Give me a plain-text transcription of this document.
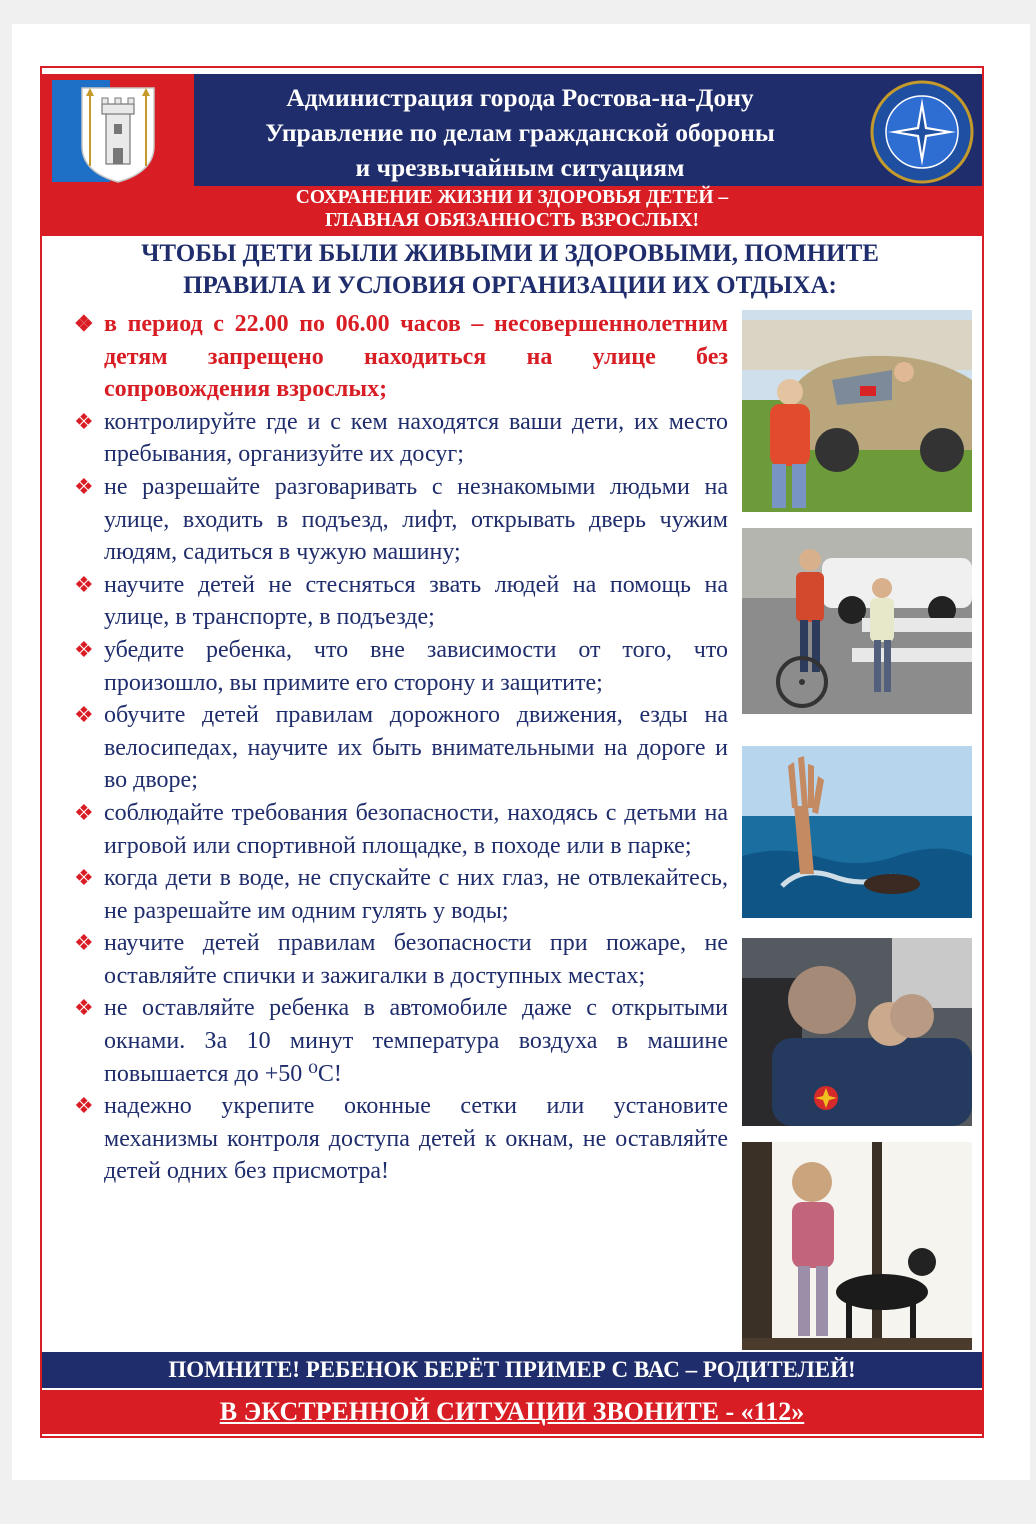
Администрация города Ростова-на-Дону
Управление по делам гражданской обороны
и чрезвычайным ситуациям
СОХРАНЕНИЕ ЖИЗНИ И ЗДОРОВЬЯ ДЕТЕЙ –
ГЛАВНАЯ ОБЯЗАННОСТЬ ВЗРОСЛЫХ!
ЧТОБЫ ДЕТИ БЫЛИ ЖИВЫМИ И ЗДОРОВЫМИ, ПОМНИТЕ
ПРАВИЛА И УСЛОВИЯ ОРГАНИЗАЦИИ ИХ ОТДЫХА:
❖ в период с 22.00 по 06.00 часов – несовершеннолетним детям запрещено находиться на улице без сопровождения взрослых;
❖ контролируйте где и с кем находятся ваши дети, их место пребывания, организуйте их досуг;
❖ не разрешайте разговаривать с незнакомыми людьми на улице, входить в подъезд, лифт, открывать дверь чужим людям, садиться в чужую машину;
❖ научите детей не стесняться звать людей на помощь на улице, в транспорте, в подъезде;
❖ убедите ребенка, что вне зависимости от того, что произошло, вы примите его сторону и защитите;
❖ обучите детей правилам дорожного движения, езды на велосипедах, научите их быть внимательными на дороге и во дворе;
❖ соблюдайте требования безопасности, находясь с детьми на игровой или спортивной площадке, в походе или в парке;
❖ когда дети в воде, не спускайте с них глаз, не отвлекайтесь, не разрешайте им одним гулять у воды;
❖ научите детей правилам безопасности при пожаре, не оставляйте спички и зажигалки в доступных местах;
❖ не оставляйте ребенка в автомобиле даже с открытыми окнами. За 10 минут температура воздуха в машине повышается до +50 ⁰С!
❖ надежно укрепите оконные сетки или установите механизмы контроля доступа детей к окнам, не оставляйте детей одних без присмотра!
ПОМНИТЕ! РЕБЕНОК БЕРЁТ ПРИМЕР С ВАС – РОДИТЕЛЕЙ!
В ЭКСТРЕННОЙ СИТУАЦИИ ЗВОНИТЕ - «112»
